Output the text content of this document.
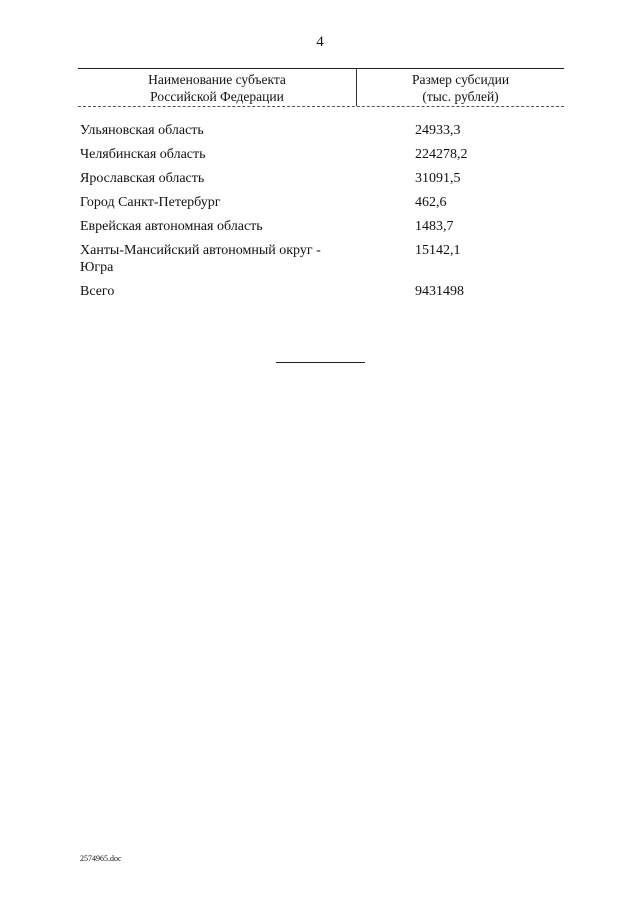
4
Наименование субъекта
Российской Федерации
Размер субсидии
(тыс. рублей)
Ульяновская область	24933,3
Челябинская область	224278,2
Ярославская область	31091,5
Город Санкт-Петербург	462,6
Еврейская автономная область	1483,7
Ханты-Мансийский автономный округ - Югра
15142,1
Всего	9431498
2574965.doc
